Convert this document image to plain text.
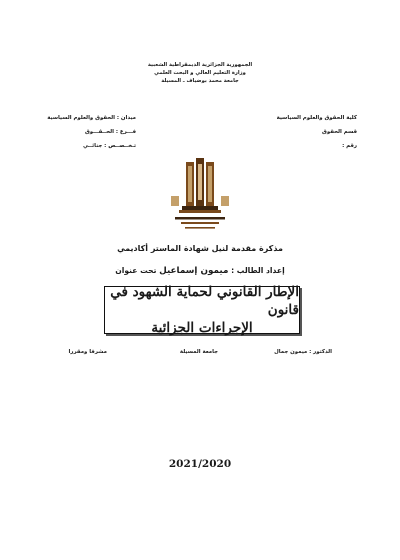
الجمهورية الجزائرية الديمقراطية الشعبية
وزارة التعليم العالي و البحث العلمي
جامعة محمد بوضياف ـ المسيلة
كلية الحقوق والعلوم السياسية
قسم الحقوق
رقم :
ميدان : الحقوق والعلوم السياسية
فـــرع : الحــقـــوق
تـخــصــص : جنائــي
مذكرة مقدمة لنيل شهادة الماستر أكاديمي
إعداد الطالب : ميمون إسماعيل تحت عنوان
الإطار القانوني لحماية الشهود في قانون
الإجراءات الجزائية
الدكتور : ميمون جمال
جامعة المسيلة
مشرفا ومقررا
2021/2020
